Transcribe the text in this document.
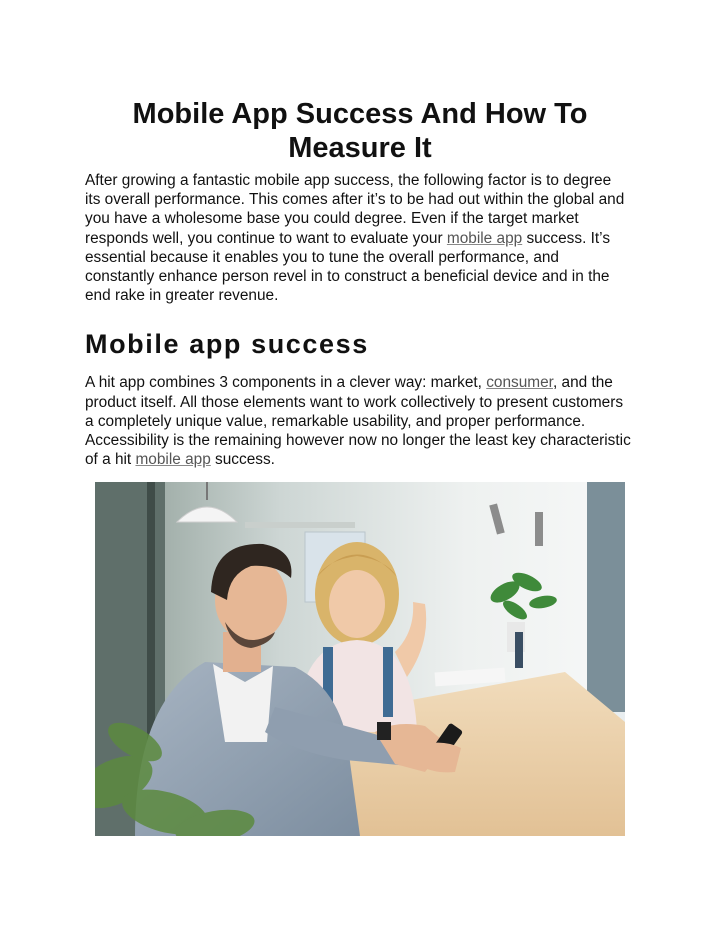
Mobile App Success And How To Measure It

After growing a fantastic mobile app success, the following factor is to degree its overall performance. This comes after it’s to be had out within the global and you have a wholesome base you could degree. Even if the target market responds well, you continue to want to evaluate your mobile app success. It’s essential because it enables you to tune the overall performance, and constantly enhance person revel in to construct a beneficial device and in the end rake in greater revenue.

Mobile app success

A hit app combines 3 components in a clever way: market, consumer, and the product itself. All those elements want to work collectively to present customers a completely unique value, remarkable usability, and proper performance. Accessibility is the remaining however now no longer the least key characteristic of a hit mobile app success.
